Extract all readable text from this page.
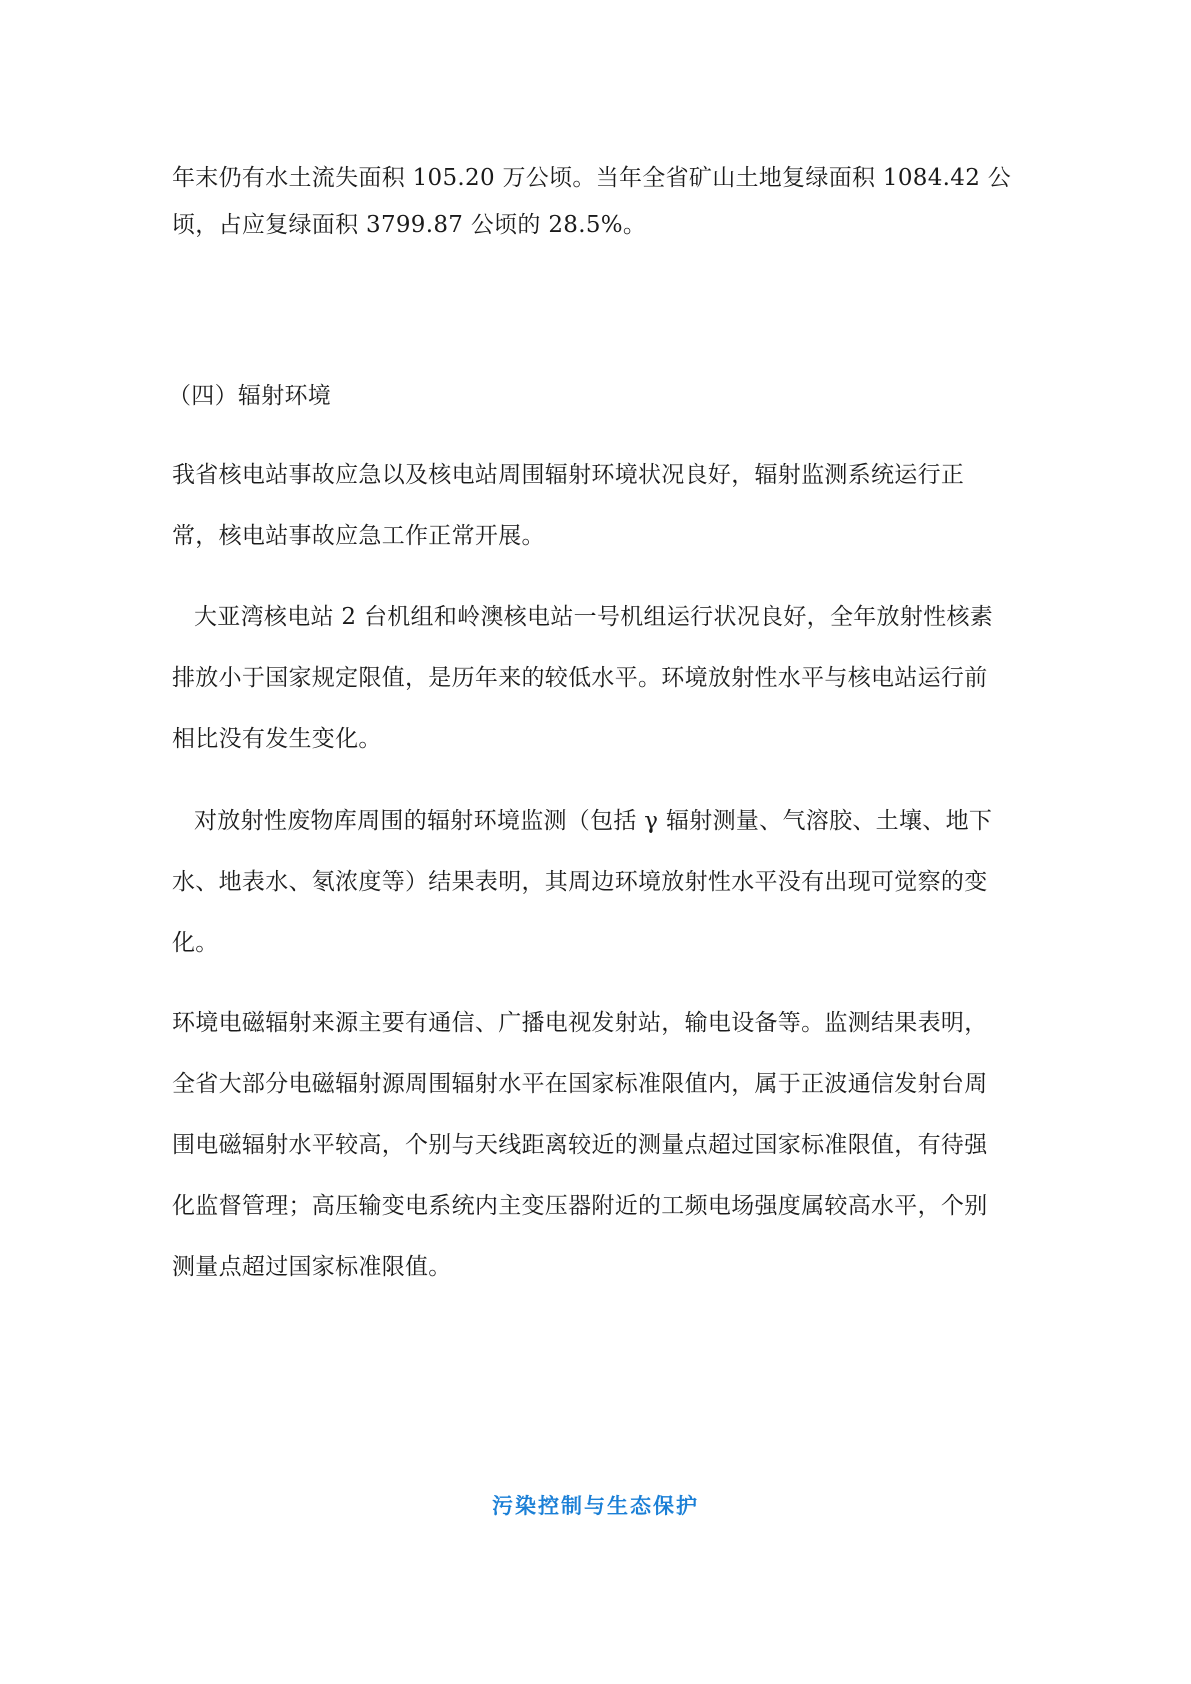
年末仍有水土流失面积 105.20 万公顷。当年全省矿山土地复绿面积 1084.42 公
顷，占应复绿面积 3799.87 公顷的 28.5%。
（四）辐射环境
我省核电站事故应急以及核电站周围辐射环境状况良好，辐射监测系统运行正
常，核电站事故应急工作正常开展。
大亚湾核电站 2 台机组和岭澳核电站一号机组运行状况良好，全年放射性核素
排放小于国家规定限值，是历年来的较低水平。环境放射性水平与核电站运行前
相比没有发生变化。
对放射性废物库周围的辐射环境监测（包括 γ 辐射测量、气溶胶、土壤、地下
水、地表水、氡浓度等）结果表明，其周边环境放射性水平没有出现可觉察的变
化。
环境电磁辐射来源主要有通信、广播电视发射站，输电设备等。监测结果表明，
全省大部分电磁辐射源周围辐射水平在国家标准限值内，属于正波通信发射台周
围电磁辐射水平较高，个别与天线距离较近的测量点超过国家标准限值，有待强
化监督管理；高压输变电系统内主变压器附近的工频电场强度属较高水平，个别
测量点超过国家标准限值。
污染控制与生态保护
